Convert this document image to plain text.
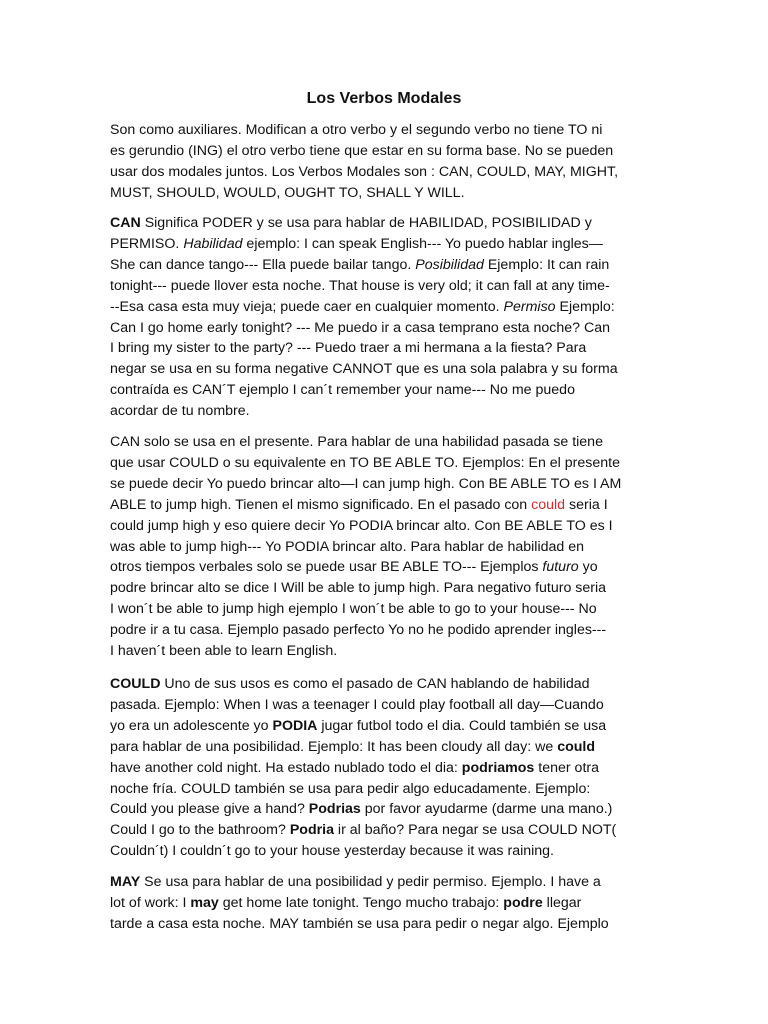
Los Verbos Modales
Son como auxiliares. Modifican a otro verbo y el segundo verbo no tiene TO ni
es gerundio (ING) el otro verbo tiene que estar en su forma base. No se pueden
usar dos modales juntos. Los Verbos Modales son : CAN, COULD, MAY, MIGHT,
MUST, SHOULD, WOULD, OUGHT TO, SHALL Y WILL.
CAN Significa PODER y se usa para hablar de HABILIDAD, POSIBILIDAD y
PERMISO. Habilidad ejemplo: I can speak English--- Yo puedo hablar ingles—
She can dance tango--- Ella puede bailar tango. Posibilidad Ejemplo: It can rain
tonight--- puede llover esta noche. That house is very old; it can fall at any time-
--Esa casa esta muy vieja; puede caer en cualquier momento. Permiso Ejemplo:
Can I go home early tonight? --- Me puedo ir a casa temprano esta noche? Can
I bring my sister to the party? --- Puedo traer a mi hermana a la fiesta? Para
negar se usa en su forma negative CANNOT que es una sola palabra y su forma
contraída es CAN´T ejemplo I can´t remember your name--- No me puedo
acordar de tu nombre.
CAN solo se usa en el presente. Para hablar de una habilidad pasada se tiene
que usar COULD o su equivalente en TO BE ABLE TO. Ejemplos: En el presente
se puede decir Yo puedo brincar alto—I can jump high. Con BE ABLE TO es I AM
ABLE to jump high. Tienen el mismo significado. En el pasado con could seria I
could jump high y eso quiere decir Yo PODIA brincar alto. Con BE ABLE TO es I
was able to jump high--- Yo PODIA brincar alto. Para hablar de habilidad en
otros tiempos verbales solo se puede usar BE ABLE TO--- Ejemplos futuro yo
podre brincar alto se dice I Will be able to jump high. Para negativo futuro seria
I won´t be able to jump high ejemplo I won´t be able to go to your house--- No
podre ir a tu casa. Ejemplo pasado perfecto Yo no he podido aprender ingles---
I haven´t been able to learn English.
COULD Uno de sus usos es como el pasado de CAN hablando de habilidad
pasada. Ejemplo: When I was a teenager I could play football all day—Cuando
yo era un adolescente yo PODIA jugar futbol todo el dia. Could también se usa
para hablar de una posibilidad. Ejemplo: It has been cloudy all day: we could
have another cold night. Ha estado nublado todo el dia: podriamos tener otra
noche fría. COULD también se usa para pedir algo educadamente. Ejemplo:
Could you please give a hand? Podrias por favor ayudarme (darme una mano.)
Could I go to the bathroom? Podria ir al baño? Para negar se usa COULD NOT(
Couldn´t) I couldn´t go to your house yesterday because it was raining.
MAY Se usa para hablar de una posibilidad y pedir permiso. Ejemplo. I have a
lot of work: I may get home late tonight. Tengo mucho trabajo: podre llegar
tarde a casa esta noche. MAY también se usa para pedir o negar algo. Ejemplo
